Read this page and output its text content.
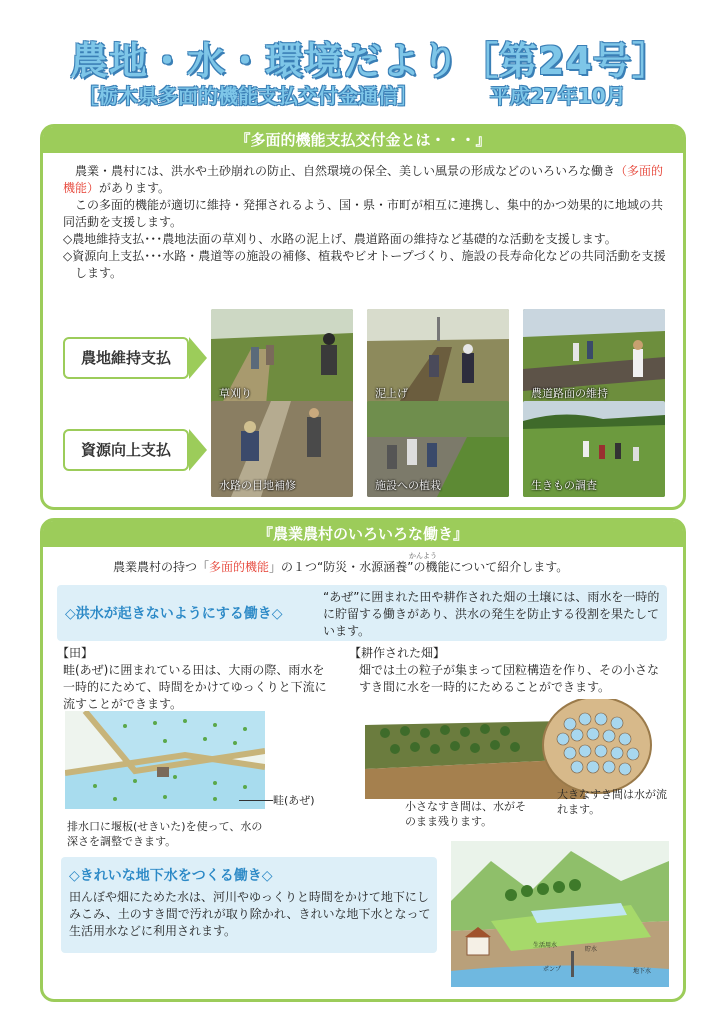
農地・水・環境だより［第24号］
［栃木県多面的機能支払交付金通信］	平成27年10月
『多面的機能支払交付金とは・・・』
農業・農村には、洪水や土砂崩れの防止、自然環境の保全、美しい風景の形成などのいろいろな働き（多面的機能）があります。
この多面的機能が適切に維持・発揮されるよう、国・県・市町が相互に連携し、集中的かつ効果的に地域の共同活動を支援します。
◇農地維持支払･･･農地法面の草刈り、水路の泥上げ、農道路面の維持など基礎的な活動を支援します。
◇資源向上支払･･･水路・農道等の施設の補修、植栽やビオトープづくり、施設の長寿命化などの共同活動を支援します。
農地維持支払
草刈り	泥上げ	農道路面の維持
資源向上支払
水路の目地補修	施設への植栽	生きもの調査
『農業農村のいろいろな働き』
農業農村の持つ「多面的機能」の１つ“防災・水源涵養”の機能について紹介します。
かんよう
◇洪水が起きないようにする働き◇
“あぜ”に囲まれた田や耕作された畑の土壌には、雨水を一時的に貯留する働きがあり、洪水の発生を防止する役割を果たしています。
【田】
畦(あぜ)に囲まれている田は、大雨の際、雨水を一時的にためて、時間をかけてゆっくりと下流に流すことができます。
畦(あぜ)
排水口に堰板(せきいた)を使って、水の深さを調整できます。
【耕作された畑】
畑では土の粒子が集まって団粒構造を作り、その小さなすき間に水を一時的にためることができます。
小さなすき間は、水がそのまま残ります。
大きなすき間は水が流れます。
◇きれいな地下水をつくる働き◇
田んぼや畑にためた水は、河川やゆっくりと時間をかけて地下にしみこみ、土のすき間で汚れが取り除かれ、きれいな地下水となって生活用水などに利用されます。
生活用水
貯水
ポンプ	地下水
